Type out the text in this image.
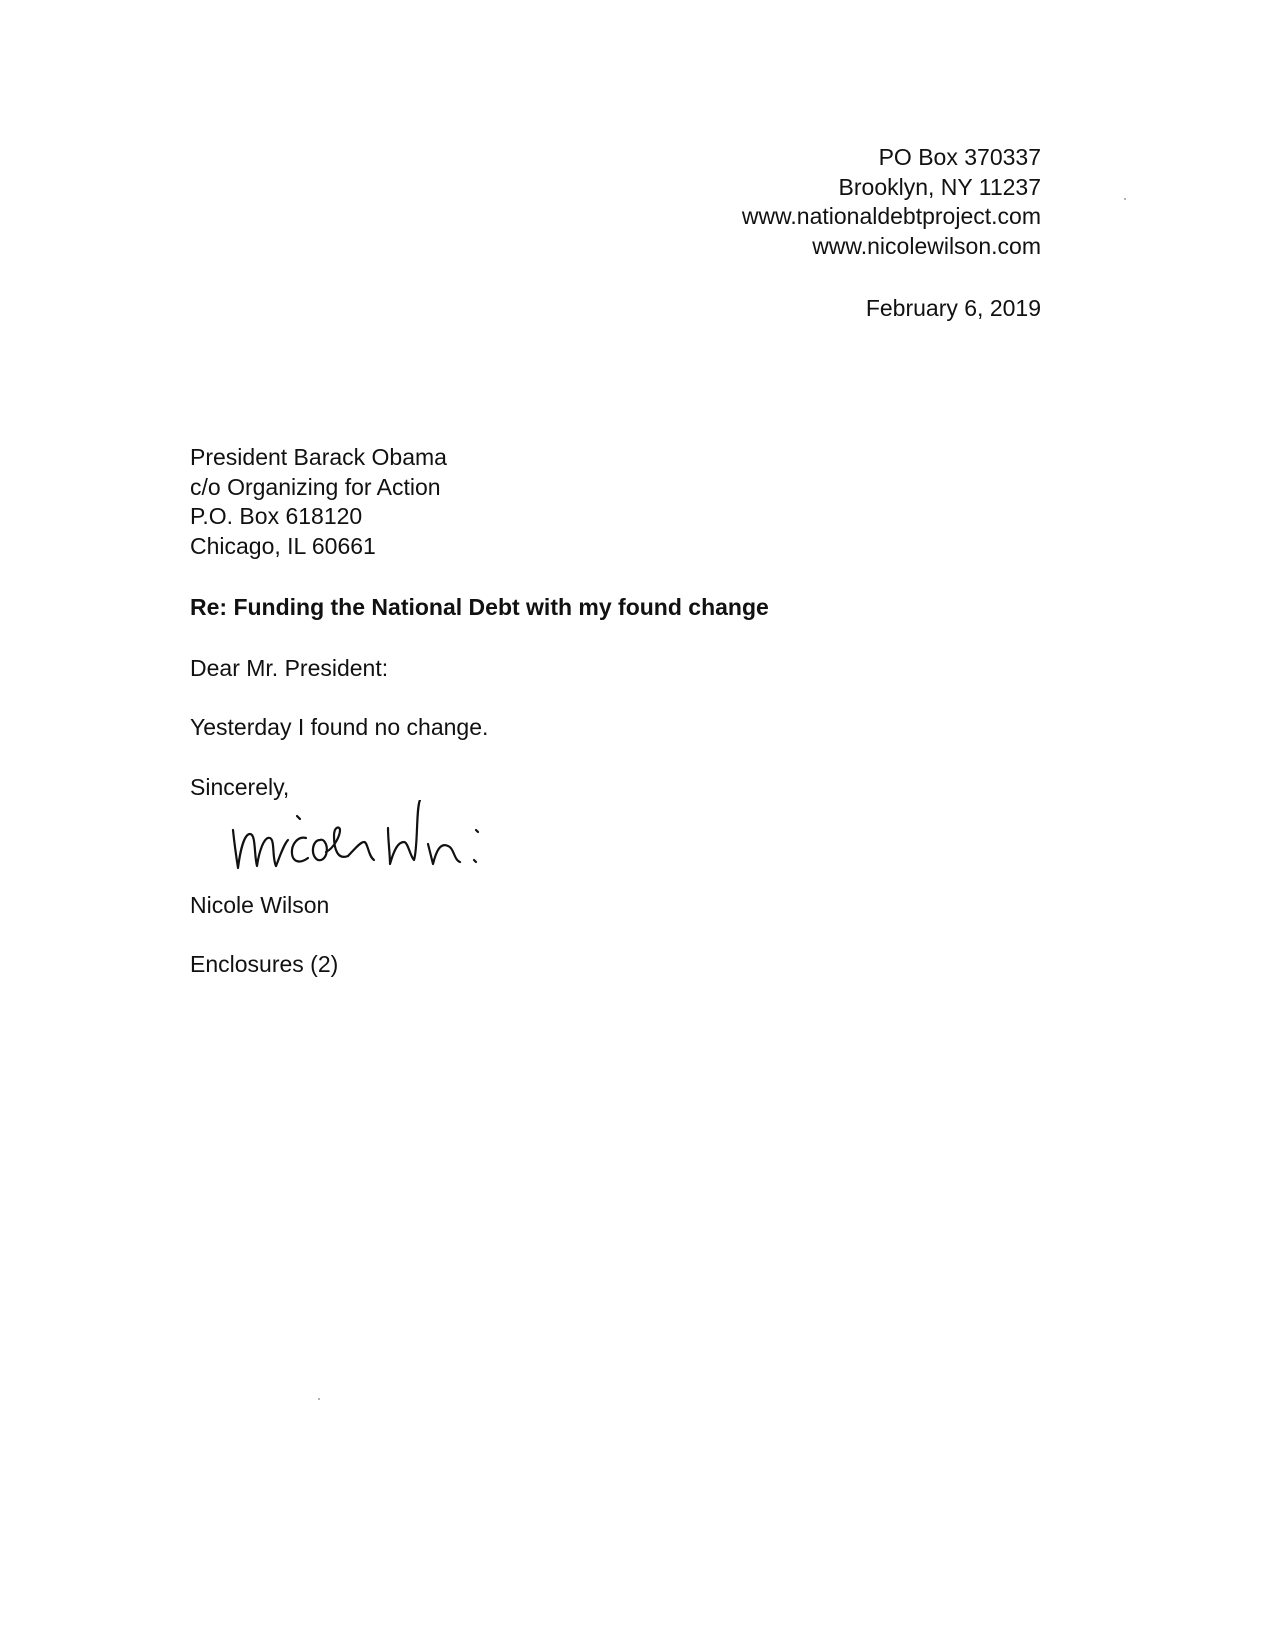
PO Box 370337
Brooklyn, NY 11237
www.nationaldebtproject.com
www.nicolewilson.com
February 6, 2019
President Barack Obama
c/o Organizing for Action
P.O. Box 618120
Chicago, IL 60661
Re: Funding the National Debt with my found change
Dear Mr. President:
Yesterday I found no change.
Sincerely,
Nicole Wilson
Enclosures (2)
